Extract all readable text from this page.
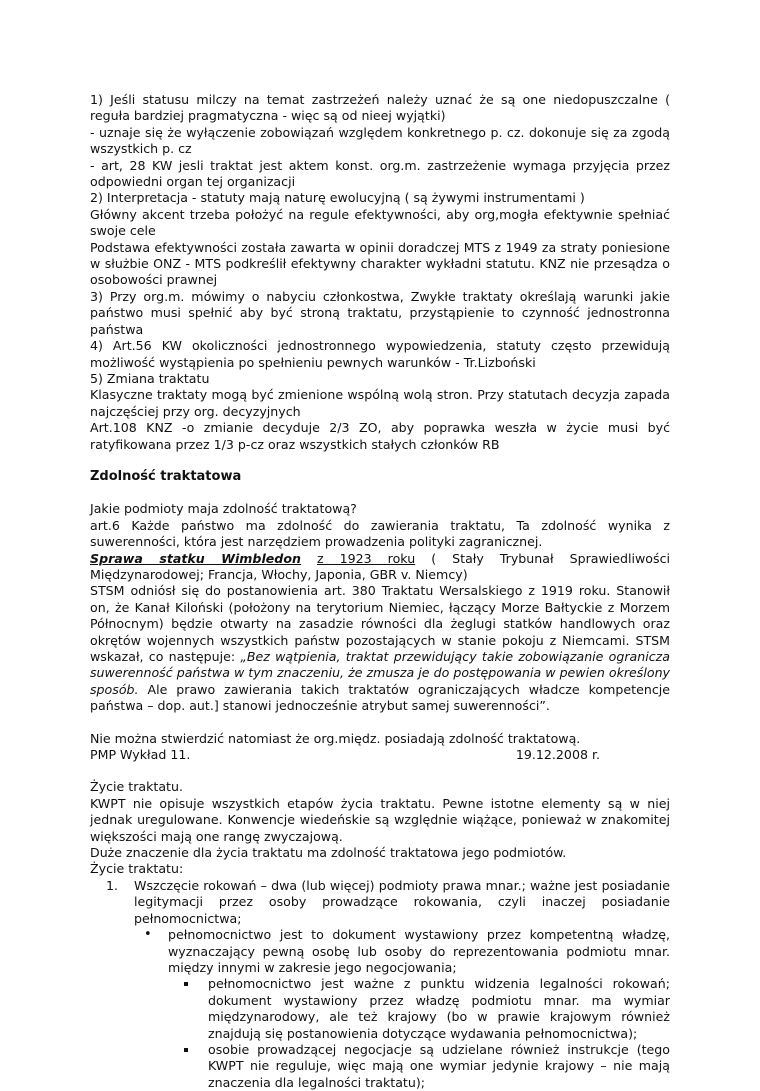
1) Jeśli statusu milczy na temat zastrzeżeń należy uznać że są one niedopuszczalne ( reguła bardziej pragmatyczna - więc są od nieej wyjątki)

- uznaje się że wyłączenie zobowiązań względem konkretnego p. cz. dokonuje się za zgodą wszystkich p. cz

- art, 28 KW jesli traktat jest aktem konst. org.m. zastrzeżenie wymaga przyjęcia przez odpowiedni organ tej organizacji

2) Interpretacja - statuty mają naturę ewolucyjną ( są żywymi instrumentami )

Główny akcent trzeba położyć na regule efektywności, aby org,mogła efektywnie spełniać swoje cele

Podstawa efektywności została zawarta w opinii doradczej MTS z 1949 za straty poniesione w służbie ONZ - MTS podkreślił efektywny charakter wykładni statutu. KNZ nie przesądza o osobowości prawnej

3) Przy org.m. mówimy o nabyciu członkostwa, Zwykłe traktaty określają warunki jakie państwo musi spełnić aby być stroną traktatu, przystąpienie to czynność jednostronna państwa

4) Art.56 KW okoliczności jednostronnego wypowiedzenia, statuty często przewidują możliwość wystąpienia po spełnieniu pewnych warunków - Tr.Lizboński

5) Zmiana traktatu

Klasyczne traktaty mogą być zmienione wspólną wolą stron. Przy statutach decyzja zapada najczęściej przy org. decyzyjnych

Art.108 KNZ -o zmianie decyduje 2/3 ZO, aby poprawka weszła w życie musi być ratyfikowana przez 1/3 p-cz oraz wszystkich stałych członków RB

Zdolność traktatowa

Jakie podmioty maja zdolność traktatową?

art.6 Każde państwo ma zdolność do zawierania traktatu, Ta zdolność wynika z suwerenności, która jest narzędziem prowadzenia polityki zagranicznej.

Sprawa statku Wimbledon z 1923 roku ( Stały Trybunał Sprawiedliwości Międzynarodowej; Francja, Włochy, Japonia, GBR v. Niemcy)

STSM odniósł się do postanowienia art. 380 Traktatu Wersalskiego z 1919 roku. Stanowił on, że Kanał Kiloński (położony na terytorium Niemiec, łączący Morze Bałtyckie z Morzem Północnym) będzie otwarty na zasadzie równości dla żeglugi statków handlowych oraz okrętów wojennych wszystkich państw pozostających w stanie pokoju z Niemcami. STSM wskazał, co następuje: „Bez wątpienia, traktat przewidujący takie zobowiązanie ogranicza suwerenność państwa w tym znaczeniu, że zmusza je do postępowania w pewien określony sposób. Ale prawo zawierania takich traktatów ograniczających władcze kompetencje państwa – dop. aut.] stanowi jednocześnie atrybut samej suwerenności”.

Nie można stwierdzić natomiast że org.międz. posiadają zdolność traktatową.

PMP Wykład 11.	19.12.2008 r.

Życie traktatu.

KWPT nie opisuje wszystkich etapów życia traktatu. Pewne istotne elementy są w niej jednak uregulowane. Konwencje wiedeńskie są względnie wiążące, ponieważ w znakomitej większości mają one rangę zwyczajową.

Duże znaczenie dla życia traktatu ma zdolność traktatowa jego podmiotów.

Życie traktatu:

1. Wszczęcie rokowań – dwa (lub więcej) podmioty prawa mnar.; ważne jest posiadanie legitymacji przez osoby prowadzące rokowania, czyli inaczej posiadanie pełnomocnictwa;
• pełnomocnictwo jest to dokument wystawiony przez kompetentną władzę, wyznaczający pewną osobę lub osoby do reprezentowania podmiotu mnar. między innymi w zakresie jego negocjowania;
pełnomocnictwo jest ważne z punktu widzenia legalności rokowań; dokument wystawiony przez władzę podmiotu mnar. ma wymiar międzynarodowy, ale też krajowy (bo w prawie krajowym również znajdują się postanowienia dotyczące wydawania pełnomocnictwa);
osobie prowadzącej negocjacje są udzielane również instrukcje (tego KWPT nie reguluje, więc mają one wymiar jedynie krajowy – nie mają znaczenia dla legalności traktatu);
